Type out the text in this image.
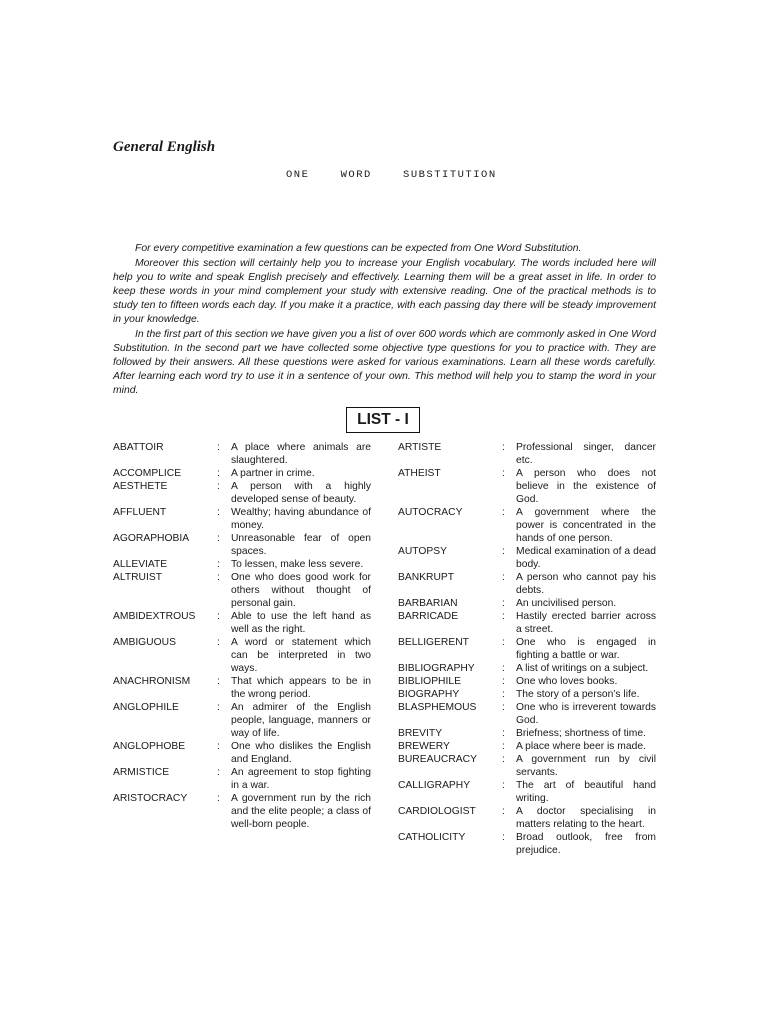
General English
ONE    WORD    SUBSTITUTION

For every competitive examination a few questions can be expected from One Word Substitution.

Moreover this section will certainly help you to increase your English vocabulary. The words included here will help you to write and speak English precisely and effectively. Learning them will be a great asset in life. In order to keep these words in your mind complement your study with extensive reading. One of the practical methods is to study ten to fifteen words each day. If you make it a practice, with each passing day there will be steady improvement in your knowledge.

In the first part of this section we have given you a list of over 600 words which are commonly asked in One Word Substitution. In the second part we have collected some objective type questions for you to practice with. They are followed by their answers. All these questions were asked for various examinations. Learn all these words carefully. After learning each word try to use it in a sentence of your own. This method will help you to stamp the word in your mind.

LIST - I
ABATTOIR	:	A place where animals are slaughtered.
ACCOMPLICE	:	A partner in crime.
AESTHETE	:	A person with a highly developed sense of beauty.
AFFLUENT	:	Wealthy; having abundance of money.
AGORAPHOBIA	:	Unreasonable fear of open spaces.
ALLEVIATE	:	To lessen, make less severe.
ALTRUIST	:	One who does good work for others without thought of personal gain.
AMBIDEXTROUS	:	Able to use the left hand as well as the right.
AMBIGUOUS	:	A word or statement which can be interpreted in two ways.
ANACHRONISM	:	That which appears to be in the wrong period.
ANGLOPHILE	:	An admirer of the English people, language, manners or way of life.
ANGLOPHOBE	:	One who dislikes the English and England.
ARMISTICE	:	An agreement to stop fighting in a war.
ARISTOCRACY	:	A government run by the rich and the elite people; a class of well-born people.
ARTISTE	:	Professional singer, dancer etc.
ATHEIST	:	A person who does not believe in the existence of God.
AUTOCRACY	:	A government where the power is concentrated in the hands of one person.
AUTOPSY	:	Medical examination of a dead body.
BANKRUPT	:	A person who cannot pay his debts.
BARBARIAN	:	An uncivilised person.
BARRICADE	:	Hastily erected barrier across a street.
BELLIGERENT	:	One who is engaged in fighting a battle or war.
BIBLIOGRAPHY	:	A list of writings on a subject.
BIBLIOPHILE	:	One who loves books.
BIOGRAPHY	:	The story of a person’s life.
BLASPHEMOUS	:	One who is irreverent towards God.
BREVITY	:	Briefness; shortness of time.
BREWERY	:	A place where beer is made.
BUREAUCRACY	:	A government run by civil servants.
CALLIGRAPHY	:	The art of beautiful hand writing.
CARDIOLOGIST	:	A doctor specialising in matters relating to the heart.
CATHOLICITY	:	Broad outlook, free from prejudice.
